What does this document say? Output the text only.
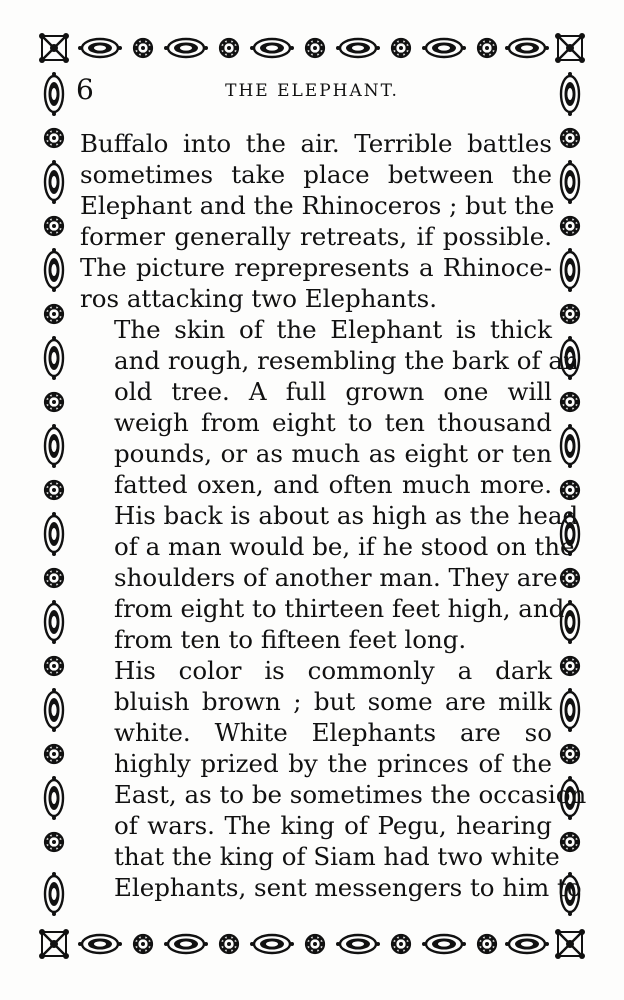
6	THE ELEPHANT.

Buffalo into the air. Terrible battles
sometimes take place between the
Elephant and the Rhinoceros ; but the
former generally retreats, if possible.
The picture reprepresents a Rhinoce-
ros attacking two Elephants.

The skin of the Elephant is thick
and rough, resembling the bark of an
old tree. A full grown one will
weigh from eight to ten thousand
pounds, or as much as eight or ten
fatted oxen, and often much more.
His back is about as high as the head
of a man would be, if he stood on the
shoulders of another man. They are
from eight to thirteen feet high, and
from ten to fifteen feet long.

His color is commonly a dark
bluish brown ; but some are milk
white. White Elephants are so
highly prized by the princes of the
East, as to be sometimes the occasion
of wars. The king of Pegu, hearing
that the king of Siam had two white
Elephants, sent messengers to him to
